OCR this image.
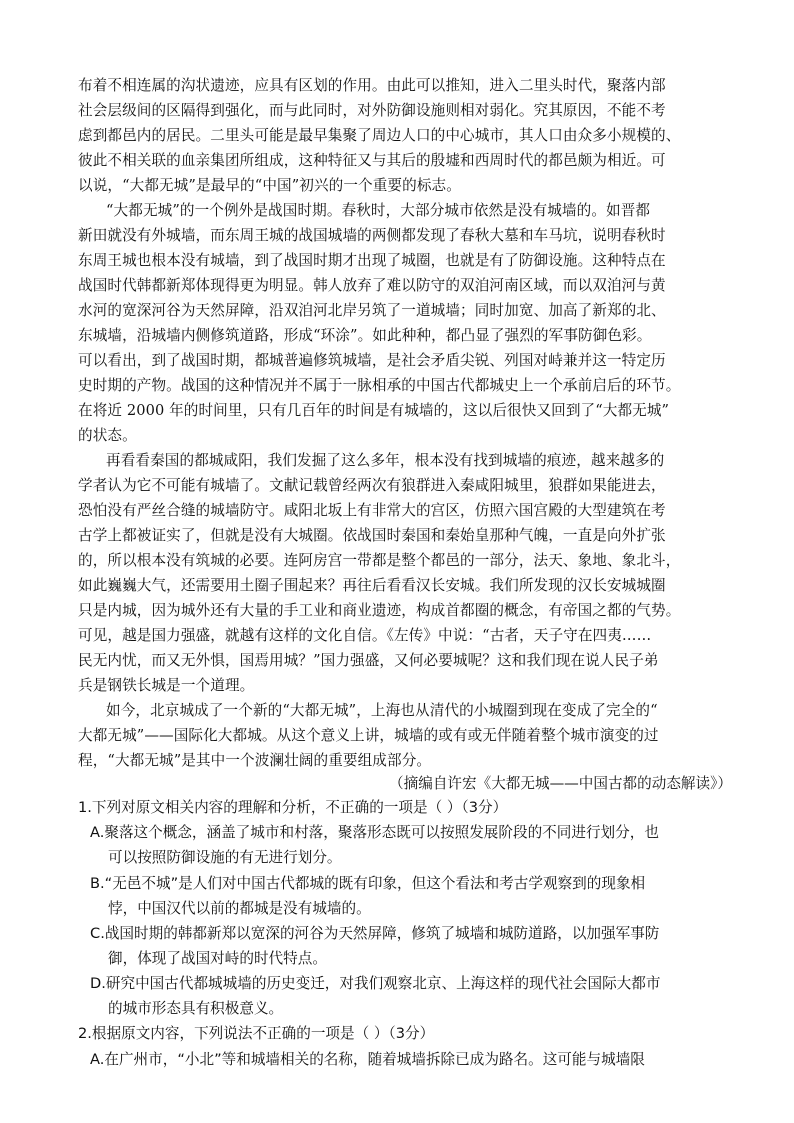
布着不相连属的沟状遗迹，应具有区划的作用。由此可以推知，进入二里头时代，聚落内部
社会层级间的区隔得到强化，而与此同时，对外防御设施则相对弱化。究其原因，不能不考
虑到都邑内的居民。二里头可能是最早集聚了周边人口的中心城市，其人口由众多小规模的、
彼此不相关联的血亲集团所组成，这种特征又与其后的殷墟和西周时代的都邑颇为相近。可
以说，“大都无城”是最早的“中国”初兴的一个重要的标志。
“大都无城”的一个例外是战国时期。春秋时，大部分城市依然是没有城墙的。如晋都
新田就没有外城墙，而东周王城的战国城墙的两侧都发现了春秋大墓和车马坑，说明春秋时
东周王城也根本没有城墙，到了战国时期才出现了城圈，也就是有了防御设施。这种特点在
战国时代韩都新郑体现得更为明显。韩人放弃了难以防守的双洎河南区域，而以双洎河与黄
水河的宽深河谷为天然屏障，沿双洎河北岸另筑了一道城墙；同时加宽、加高了新郑的北、
东城墙，沿城墙内侧修筑道路，形成“环涂”。如此种种，都凸显了强烈的军事防御色彩。
可以看出，到了战国时期，都城普遍修筑城墙，是社会矛盾尖锐、列国对峙兼并这一特定历
史时期的产物。战国的这种情况并不属于一脉相承的中国古代都城史上一个承前启后的环节。
在将近 2000 年的时间里，只有几百年的时间是有城墙的，这以后很快又回到了“大都无城”
的状态。
再看看秦国的都城咸阳，我们发掘了这么多年，根本没有找到城墙的痕迹，越来越多的
学者认为它不可能有城墙了。文献记载曾经两次有狼群进入秦咸阳城里，狼群如果能进去，
恐怕没有严丝合缝的城墙防守。咸阳北坂上有非常大的宫区，仿照六国宫殿的大型建筑在考
古学上都被证实了，但就是没有大城圈。依战国时秦国和秦始皇那种气魄，一直是向外扩张
的，所以根本没有筑城的必要。连阿房宫一带都是整个都邑的一部分，法天、象地、象北斗，
如此巍巍大气，还需要用土圈子围起来？再往后看看汉长安城。我们所发现的汉长安城城圈
只是内城，因为城外还有大量的手工业和商业遗迹，构成首都圈的概念，有帝国之都的气势。
可见，越是国力强盛，就越有这样的文化自信。《左传》中说：“古者，天子守在四夷……
民无内忧，而又无外惧，国焉用城？”国力强盛，又何必要城呢？这和我们现在说人民子弟
兵是钢铁长城是一个道理。
如今，北京城成了一个新的“大都无城”，上海也从清代的小城圈到现在变成了完全的“
大都无城”——国际化大都城。从这个意义上讲，城墙的或有或无伴随着整个城市演变的过
程，“大都无城”是其中一个波澜壮阔的重要组成部分。
（摘编自许宏《大都无城——中国古都的动态解读》）
1.下列对原文相关内容的理解和分析，不正确的一项是（ ）（3分）
A.聚落这个概念，涵盖了城市和村落，聚落形态既可以按照发展阶段的不同进行划分，也
可以按照防御设施的有无进行划分。
B.“无邑不城”是人们对中国古代都城的既有印象，但这个看法和考古学观察到的现象相
悖，中国汉代以前的都城是没有城墙的。
C.战国时期的韩都新郑以宽深的河谷为天然屏障，修筑了城墙和城防道路，以加强军事防
御，体现了战国对峙的时代特点。
D.研究中国古代都城城墙的历史变迁，对我们观察北京、上海这样的现代社会国际大都市
的城市形态具有积极意义。
2.根据原文内容，下列说法不正确的一项是（ ）（3分）
A.在广州市，“小北”等和城墙相关的名称，随着城墙拆除已成为路名。这可能与城墙限
